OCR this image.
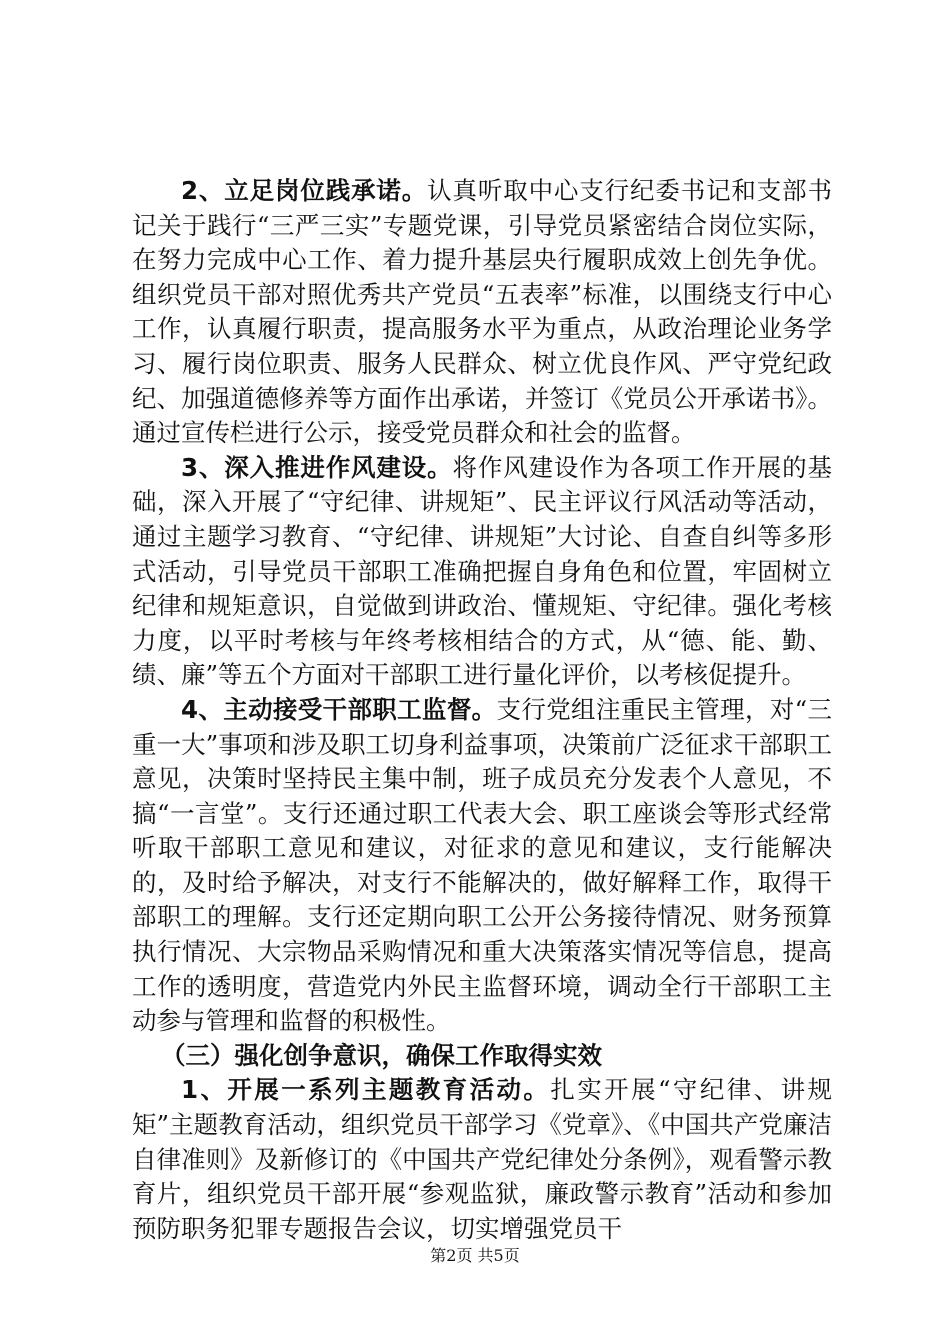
2、立足岗位践承诺。认真听取中心支行纪委书记和支部书记关于践行“三严三实”专题党课，引导党员紧密结合岗位实际，在努力完成中心工作、着力提升基层央行履职成效上创先争优。组织党员干部对照优秀共产党员“五表率”标准，以围绕支行中心工作，认真履行职责，提高服务水平为重点，从政治理论业务学习、履行岗位职责、服务人民群众、树立优良作风、严守党纪政纪、加强道德修养等方面作出承诺，并签订《党员公开承诺书》。通过宣传栏进行公示，接受党员群众和社会的监督。

3、深入推进作风建设。将作风建设作为各项工作开展的基础，深入开展了“守纪律、讲规矩”、民主评议行风活动等活动，通过主题学习教育、“守纪律、讲规矩”大讨论、自查自纠等多形式活动，引导党员干部职工准确把握自身角色和位置，牢固树立纪律和规矩意识，自觉做到讲政治、懂规矩、守纪律。强化考核力度，以平时考核与年终考核相结合的方式，从“德、能、勤、绩、廉”等五个方面对干部职工进行量化评价，以考核促提升。

4、主动接受干部职工监督。支行党组注重民主管理，对“三重一大”事项和涉及职工切身利益事项，决策前广泛征求干部职工意见，决策时坚持民主集中制，班子成员充分发表个人意见，不搞“一言堂”。支行还通过职工代表大会、职工座谈会等形式经常听取干部职工意见和建议，对征求的意见和建议，支行能解决的，及时给予解决，对支行不能解决的，做好解释工作，取得干部职工的理解。支行还定期向职工公开公务接待情况、财务预算执行情况、大宗物品采购情况和重大决策落实情况等信息，提高工作的透明度，营造党内外民主监督环境，调动全行干部职工主动参与管理和监督的积极性。

（三）强化创争意识，确保工作取得实效

1、开展一系列主题教育活动。扎实开展“守纪律、讲规矩”主题教育活动，组织党员干部学习《党章》、《中国共产党廉洁自律准则》及新修订的《中国共产党纪律处分条例》，观看警示教育片，组织党员干部开展“参观监狱，廉政警示教育”活动和参加预防职务犯罪专题报告会议，切实增强党员干

第2页 共5页
